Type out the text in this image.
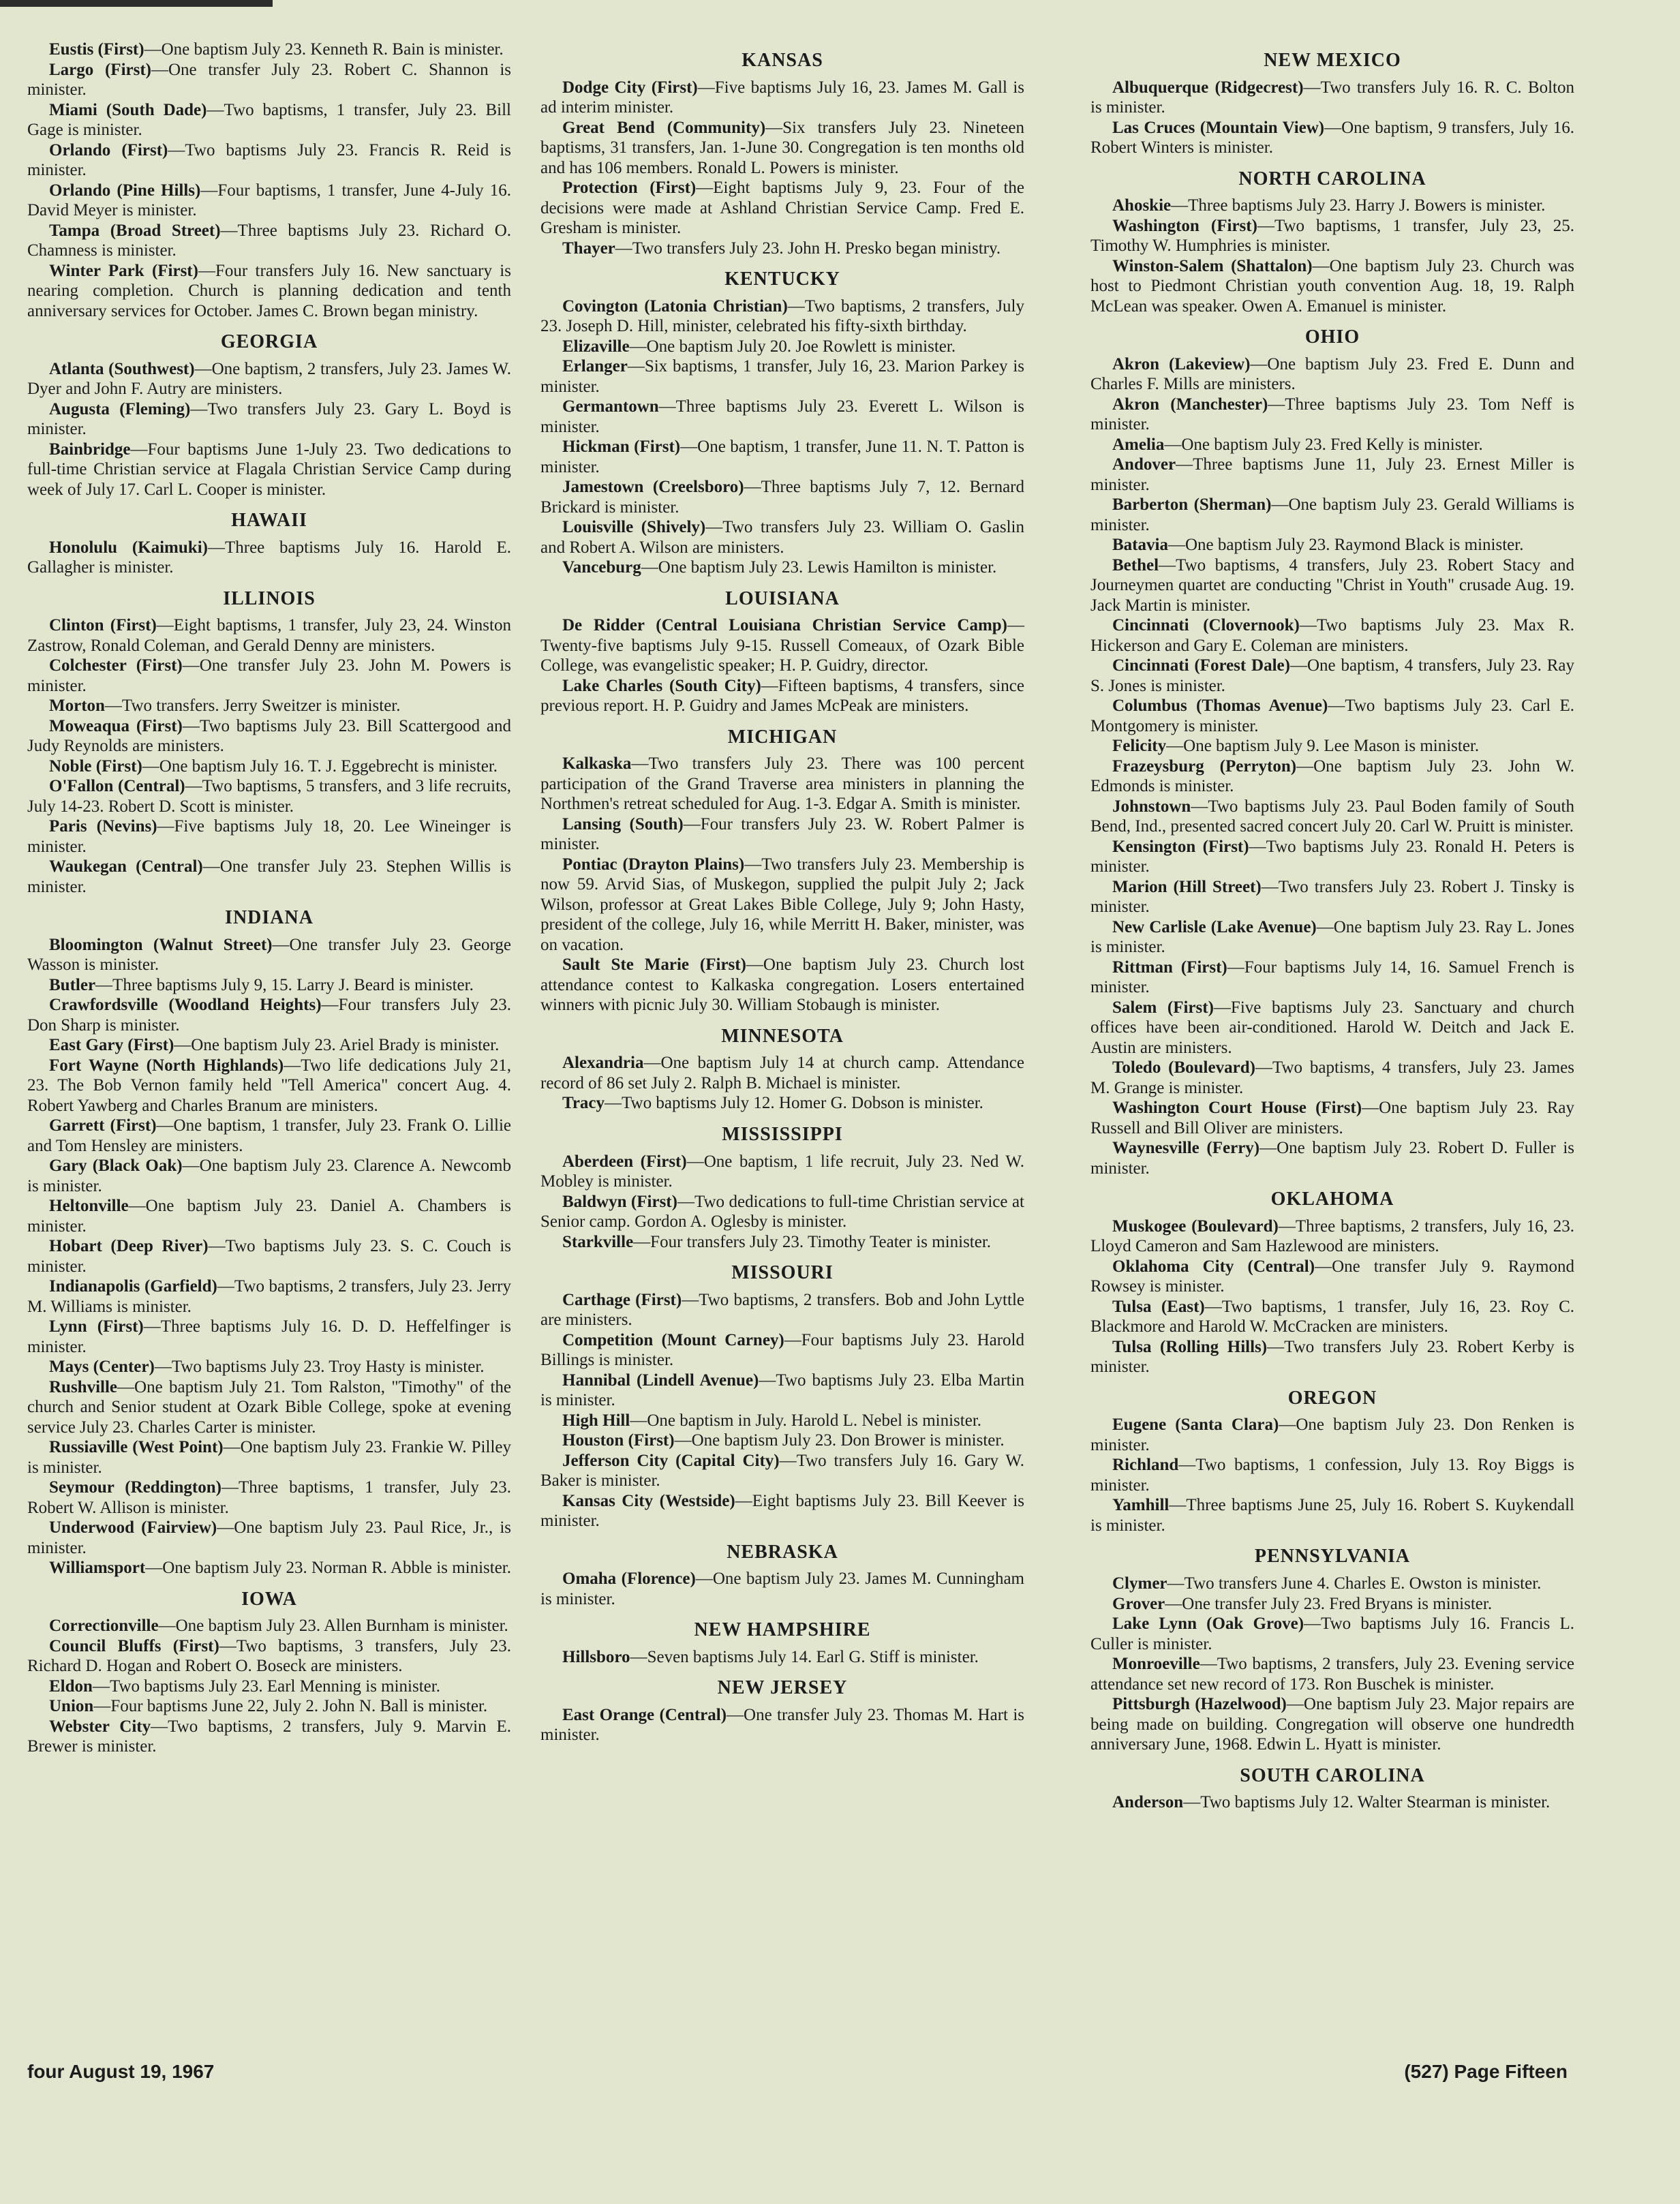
Eustis (First)—One baptism July 23. Kenneth R. Bain is minister.

Largo (First)—One transfer July 23. Robert C. Shannon is minister.

Miami (South Dade)—Two baptisms, 1 transfer, July 23. Bill Gage is minister.

Orlando (First)—Two baptisms July 23. Francis R. Reid is minister.

Orlando (Pine Hills)—Four baptisms, 1 transfer, June 4-July 16. David Meyer is minister.

Tampa (Broad Street)—Three baptisms July 23. Richard O. Chamness is minister.

Winter Park (First)—Four transfers July 16. New sanctuary is nearing completion. Church is planning dedication and tenth anniversary services for October. James C. Brown began ministry.

GEORGIA

Atlanta (Southwest)—One baptism, 2 transfers, July 23. James W. Dyer and John F. Autry are ministers.

Augusta (Fleming)—Two transfers July 23. Gary L. Boyd is minister.

Bainbridge—Four baptisms June 1-July 23. Two dedications to full-time Christian service at Flagala Christian Service Camp during week of July 17. Carl L. Cooper is minister.

HAWAII

Honolulu (Kaimuki)—Three baptisms July 16. Harold E. Gallagher is minister.

ILLINOIS

Clinton (First)—Eight baptisms, 1 transfer, July 23, 24. Winston Zastrow, Ronald Coleman, and Gerald Denny are ministers.

Colchester (First)—One transfer July 23. John M. Powers is minister.

Morton—Two transfers. Jerry Sweitzer is minister.

Moweaqua (First)—Two baptisms July 23. Bill Scattergood and Judy Reynolds are ministers.

Noble (First)—One baptism July 16. T. J. Eggebrecht is minister.

O'Fallon (Central)—Two baptisms, 5 transfers, and 3 life recruits, July 14-23. Robert D. Scott is minister.

Paris (Nevins)—Five baptisms July 18, 20. Lee Wineinger is minister.

Waukegan (Central)—One transfer July 23. Stephen Willis is minister.

INDIANA

Bloomington (Walnut Street)—One transfer July 23. George Wasson is minister.

Butler—Three baptisms July 9, 15. Larry J. Beard is minister.

Crawfordsville (Woodland Heights)—Four transfers July 23. Don Sharp is minister.

East Gary (First)—One baptism July 23. Ariel Brady is minister.

Fort Wayne (North Highlands)—Two life dedications July 21, 23. The Bob Vernon family held "Tell America" concert Aug. 4. Robert Yawberg and Charles Branum are ministers.

Garrett (First)—One baptism, 1 transfer, July 23. Frank O. Lillie and Tom Hensley are ministers.

Gary (Black Oak)—One baptism July 23. Clarence A. Newcomb is minister.

Heltonville—One baptism July 23. Daniel A. Chambers is minister.

Hobart (Deep River)—Two baptisms July 23. S. C. Couch is minister.

Indianapolis (Garfield)—Two baptisms, 2 transfers, July 23. Jerry M. Williams is minister.

Lynn (First)—Three baptisms July 16. D. D. Heffelfinger is minister.

Mays (Center)—Two baptisms July 23. Troy Hasty is minister.

Rushville—One baptism July 21. Tom Ralston, "Timothy" of the church and Senior student at Ozark Bible College, spoke at evening service July 23. Charles Carter is minister.

Russiaville (West Point)—One baptism July 23. Frankie W. Pilley is minister.

Seymour (Reddington)—Three baptisms, 1 transfer, July 23. Robert W. Allison is minister.

Underwood (Fairview)—One baptism July 23. Paul Rice, Jr., is minister.

Williamsport—One baptism July 23. Norman R. Abble is minister.

IOWA

Correctionville—One baptism July 23. Allen Burnham is minister.

Council Bluffs (First)—Two baptisms, 3 transfers, July 23. Richard D. Hogan and Robert O. Boseck are ministers.

Eldon—Two baptisms July 23. Earl Menning is minister.

Union—Four baptisms June 22, July 2. John N. Ball is minister.

Webster City—Two baptisms, 2 transfers, July 9. Marvin E. Brewer is minister.

KANSAS

Dodge City (First)—Five baptisms July 16, 23. James M. Gall is ad interim minister.

Great Bend (Community)—Six transfers July 23. Nineteen baptisms, 31 transfers, Jan. 1-June 30. Congregation is ten months old and has 106 members. Ronald L. Powers is minister.

Protection (First)—Eight baptisms July 9, 23. Four of the decisions were made at Ashland Christian Service Camp. Fred E. Gresham is minister.

Thayer—Two transfers July 23. John H. Presko began ministry.

KENTUCKY

Covington (Latonia Christian)—Two baptisms, 2 transfers, July 23. Joseph D. Hill, minister, celebrated his fifty-sixth birthday.

Elizaville—One baptism July 20. Joe Rowlett is minister.

Erlanger—Six baptisms, 1 transfer, July 16, 23. Marion Parkey is minister.

Germantown—Three baptisms July 23. Everett L. Wilson is minister.

Hickman (First)—One baptism, 1 transfer, June 11. N. T. Patton is minister.

Jamestown (Creelsboro)—Three baptisms July 7, 12. Bernard Brickard is minister.

Louisville (Shively)—Two transfers July 23. William O. Gaslin and Robert A. Wilson are ministers.

Vanceburg—One baptism July 23. Lewis Hamilton is minister.

LOUISIANA

De Ridder (Central Louisiana Christian Service Camp)—Twenty-five baptisms July 9-15. Russell Comeaux, of Ozark Bible College, was evangelistic speaker; H. P. Guidry, director.

Lake Charles (South City)—Fifteen baptisms, 4 transfers, since previous report. H. P. Guidry and James McPeak are ministers.

MICHIGAN

Kalkaska—Two transfers July 23. There was 100 percent participation of the Grand Traverse area ministers in planning the Northmen's retreat scheduled for Aug. 1-3. Edgar A. Smith is minister.

Lansing (South)—Four transfers July 23. W. Robert Palmer is minister.

Pontiac (Drayton Plains)—Two transfers July 23. Membership is now 59. Arvid Sias, of Muskegon, supplied the pulpit July 2; Jack Wilson, professor at Great Lakes Bible College, July 9; John Hasty, president of the college, July 16, while Merritt H. Baker, minister, was on vacation.

Sault Ste Marie (First)—One baptism July 23. Church lost attendance contest to Kalkaska congregation. Losers entertained winners with picnic July 30. William Stobaugh is minister.

MINNESOTA

Alexandria—One baptism July 14 at church camp. Attendance record of 86 set July 2. Ralph B. Michael is minister.

Tracy—Two baptisms July 12. Homer G. Dobson is minister.

MISSISSIPPI

Aberdeen (First)—One baptism, 1 life recruit, July 23. Ned W. Mobley is minister.

Baldwyn (First)—Two dedications to full-time Christian service at Senior camp. Gordon A. Oglesby is minister.

Starkville—Four transfers July 23. Timothy Teater is minister.

MISSOURI

Carthage (First)—Two baptisms, 2 transfers. Bob and John Lyttle are ministers.

Competition (Mount Carney)—Four baptisms July 23. Harold Billings is minister.

Hannibal (Lindell Avenue)—Two baptisms July 23. Elba Martin is minister.

High Hill—One baptism in July. Harold L. Nebel is minister.

Houston (First)—One baptism July 23. Don Brower is minister.

Jefferson City (Capital City)—Two transfers July 16. Gary W. Baker is minister.

Kansas City (Westside)—Eight baptisms July 23. Bill Keever is minister.

NEBRASKA

Omaha (Florence)—One baptism July 23. James M. Cunningham is minister.

NEW HAMPSHIRE

Hillsboro—Seven baptisms July 14. Earl G. Stiff is minister.

NEW JERSEY

East Orange (Central)—One transfer July 23. Thomas M. Hart is minister.

NEW MEXICO

Albuquerque (Ridgecrest)—Two transfers July 16. R. C. Bolton is minister.

Las Cruces (Mountain View)—One baptism, 9 transfers, July 16. Robert Winters is minister.

NORTH CAROLINA

Ahoskie—Three baptisms July 23. Harry J. Bowers is minister.

Washington (First)—Two baptisms, 1 transfer, July 23, 25. Timothy W. Humphries is minister.

Winston-Salem (Shattalon)—One baptism July 23. Church was host to Piedmont Christian youth convention Aug. 18, 19. Ralph McLean was speaker. Owen A. Emanuel is minister.

OHIO

Akron (Lakeview)—One baptism July 23. Fred E. Dunn and Charles F. Mills are ministers.

Akron (Manchester)—Three baptisms July 23. Tom Neff is minister.

Amelia—One baptism July 23. Fred Kelly is minister.

Andover—Three baptisms June 11, July 23. Ernest Miller is minister.

Barberton (Sherman)—One baptism July 23. Gerald Williams is minister.

Batavia—One baptism July 23. Raymond Black is minister.

Bethel—Two baptisms, 4 transfers, July 23. Robert Stacy and Journeymen quartet are conducting "Christ in Youth" crusade Aug. 19. Jack Martin is minister.

Cincinnati (Clovernook)—Two baptisms July 23. Max R. Hickerson and Gary E. Coleman are ministers.

Cincinnati (Forest Dale)—One baptism, 4 transfers, July 23. Ray S. Jones is minister.

Columbus (Thomas Avenue)—Two baptisms July 23. Carl E. Montgomery is minister.

Felicity—One baptism July 9. Lee Mason is minister.

Frazeysburg (Perryton)—One baptism July 23. John W. Edmonds is minister.

Johnstown—Two baptisms July 23. Paul Boden family of South Bend, Ind., presented sacred concert July 20. Carl W. Pruitt is minister.

Kensington (First)—Two baptisms July 23. Ronald H. Peters is minister.

Marion (Hill Street)—Two transfers July 23. Robert J. Tinsky is minister.

New Carlisle (Lake Avenue)—One baptism July 23. Ray L. Jones is minister.

Rittman (First)—Four baptisms July 14, 16. Samuel French is minister.

Salem (First)—Five baptisms July 23. Sanctuary and church offices have been air-conditioned. Harold W. Deitch and Jack E. Austin are ministers.

Toledo (Boulevard)—Two baptisms, 4 transfers, July 23. James M. Grange is minister.

Washington Court House (First)—One baptism July 23. Ray Russell and Bill Oliver are ministers.

Waynesville (Ferry)—One baptism July 23. Robert D. Fuller is minister.

OKLAHOMA

Muskogee (Boulevard)—Three baptisms, 2 transfers, July 16, 23. Lloyd Cameron and Sam Hazlewood are ministers.

Oklahoma City (Central)—One transfer July 9. Raymond Rowsey is minister.

Tulsa (East)—Two baptisms, 1 transfer, July 16, 23. Roy C. Blackmore and Harold W. McCracken are ministers.

Tulsa (Rolling Hills)—Two transfers July 23. Robert Kerby is minister.

OREGON

Eugene (Santa Clara)—One baptism July 23. Don Renken is minister.

Richland—Two baptisms, 1 confession, July 13. Roy Biggs is minister.

Yamhill—Three baptisms June 25, July 16. Robert S. Kuykendall is minister.

PENNSYLVANIA

Clymer—Two transfers June 4. Charles E. Owston is minister.

Grover—One transfer July 23. Fred Bryans is minister.

Lake Lynn (Oak Grove)—Two baptisms July 16. Francis L. Culler is minister.

Monroeville—Two baptisms, 2 transfers, July 23. Evening service attendance set new record of 173. Ron Buschek is minister.

Pittsburgh (Hazelwood)—One baptism July 23. Major repairs are being made on building. Congregation will observe one hundredth anniversary June, 1968. Edwin L. Hyatt is minister.

SOUTH CAROLINA

Anderson—Two baptisms July 12. Walter Stearman is minister.

four August 19, 1967	(527) Page Fifteen
